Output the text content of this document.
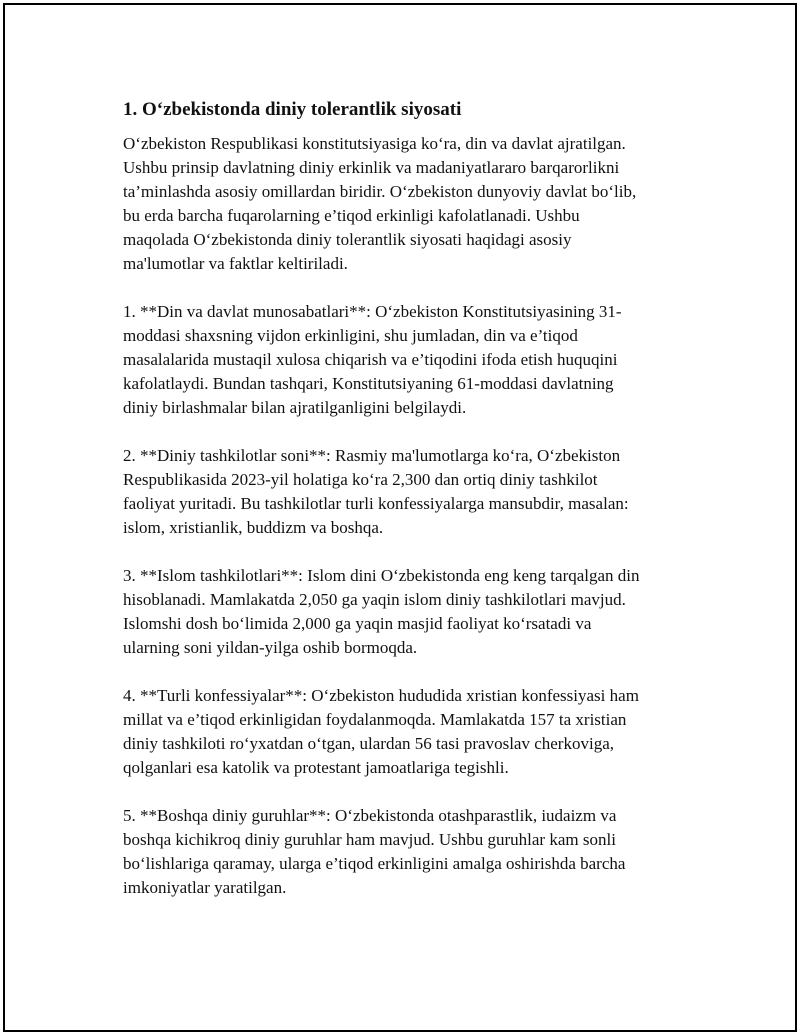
1. O‘zbekistonda diniy tolerantlik siyosati
O‘zbekiston Respublikasi konstitutsiyasiga ko‘ra, din va davlat ajratilgan.
Ushbu prinsip davlatning diniy erkinlik va madaniyatlararo barqarorlikni
ta’minlashda asosiy omillardan biridir. O‘zbekiston dunyoviy davlat bo‘lib,
bu erda barcha fuqarolarning e’tiqod erkinligi kafolatlanadi. Ushbu
maqolada O‘zbekistonda diniy tolerantlik siyosati haqidagi asosiy
ma'lumotlar va faktlar keltiriladi.
1. **Din va davlat munosabatlari**: O‘zbekiston Konstitutsiyasining 31-
moddasi shaxsning vijdon erkinligini, shu jumladan, din va e’tiqod
masalalarida mustaqil xulosa chiqarish va e’tiqodini ifoda etish huquqini
kafolatlaydi. Bundan tashqari, Konstitutsiyaning 61-moddasi davlatning
diniy birlashmalar bilan ajratilganligini belgilaydi.
2. **Diniy tashkilotlar soni**: Rasmiy ma'lumotlarga ko‘ra, O‘zbekiston
Respublikasida 2023-yil holatiga ko‘ra 2,300 dan ortiq diniy tashkilot
faoliyat yuritadi. Bu tashkilotlar turli konfessiyalarga mansubdir, masalan:
islom, xristianlik, buddizm va boshqa.
3. **Islom tashkilotlari**: Islom dini O‘zbekistonda eng keng tarqalgan din
hisoblanadi. Mamlakatda 2,050 ga yaqin islom diniy tashkilotlari mavjud.
Islomshi dosh bo‘limida 2,000 ga yaqin masjid faoliyat ko‘rsatadi va
ularning soni yildan-yilga oshib bormoqda.
4. **Turli konfessiyalar**: O‘zbekiston hududida xristian konfessiyasi ham
millat va e’tiqod erkinligidan foydalanmoqda. Mamlakatda 157 ta xristian
diniy tashkiloti ro‘yxatdan o‘tgan, ulardan 56 tasi pravoslav cherkoviga,
qolganlari esa katolik va protestant jamoatlariga tegishli.
5. **Boshqa diniy guruhlar**: O‘zbekistonda otashparastlik, iudaizm va
boshqa kichikroq diniy guruhlar ham mavjud. Ushbu guruhlar kam sonli
bo‘lishlariga qaramay, ularga e’tiqod erkinligini amalga oshirishda barcha
imkoniyatlar yaratilgan.
